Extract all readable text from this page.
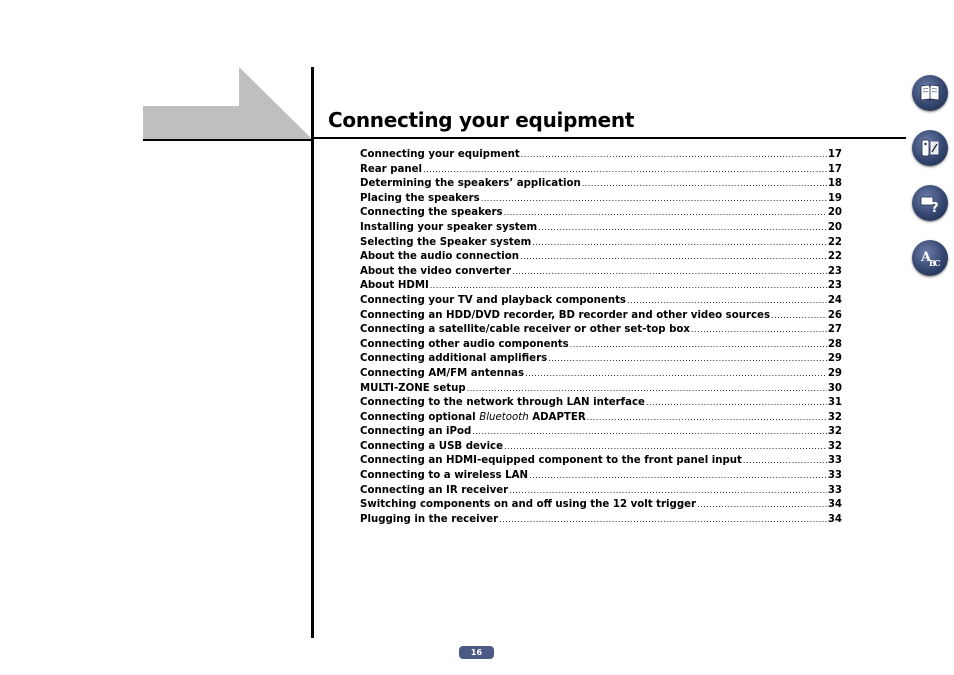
Connecting your equipment
Connecting your equipment .....	17
Rear panel .....	17
Determining the speakers’ application .....	18
Placing the speakers .....	19
Connecting the speakers .....	20
Installing your speaker system .....	20
Selecting the Speaker system .....	22
About the audio connection .....	22
About the video converter .....	23
About HDMI .....	23
Connecting your TV and playback components .....	24
Connecting an HDD/DVD recorder, BD recorder and other video sources .....	26
Connecting a satellite/cable receiver or other set-top box .....	27
Connecting other audio components .....	28
Connecting additional amplifiers .....	29
Connecting AM/FM antennas .....	29
MULTI-ZONE setup .....	30
Connecting to the network through LAN interface .....	31
Connecting optional Bluetooth ADAPTER .....	32
Connecting an iPod .....	32
Connecting a USB device .....	32
Connecting an HDMI-equipped component to the front panel input .....	33
Connecting to a wireless LAN .....	33
Connecting an IR receiver .....	33
Switching components on and off using the 12 volt trigger .....	34
Plugging in the receiver .....	34
?
A
B
C
16
